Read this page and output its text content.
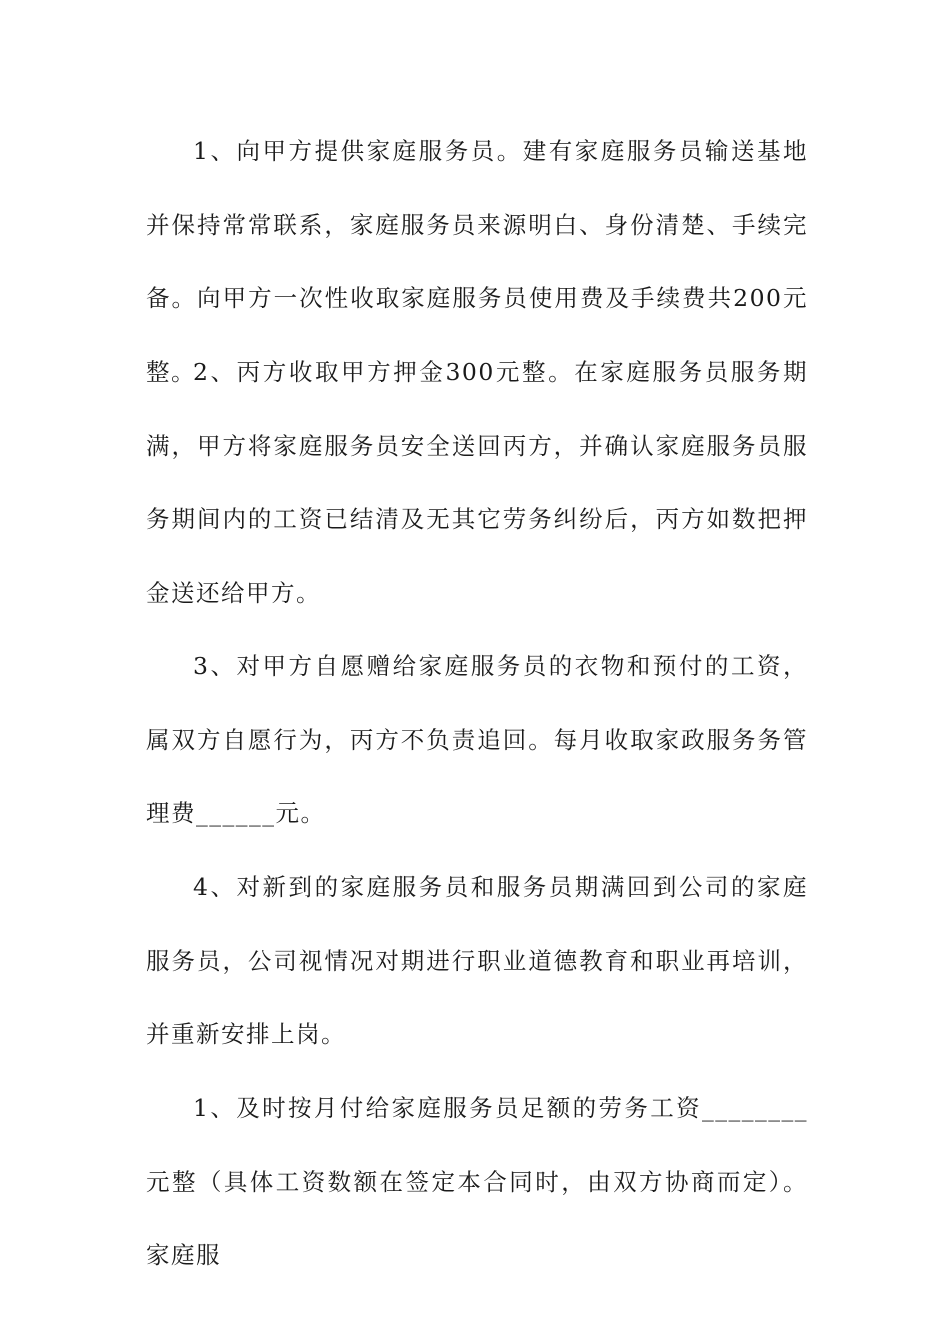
1、向甲方提供家庭服务员。建有家庭服务员输送基地并保持常常联系，家庭服务员来源明白、身份清楚、手续完备。向甲方一次性收取家庭服务员使用费及手续费共200元整。

2、丙方收取甲方押金300元整。在家庭服务员服务期满，甲方将家庭服务员安全送回丙方，并确认家庭服务员服务期间内的工资已结清及无其它劳务纠纷后，丙方如数把押金送还给甲方。

3、对甲方自愿赠给家庭服务员的衣物和预付的工资，属双方自愿行为，丙方不负责追回。每月收取家政服务务管理费______元。

4、对新到的家庭服务员和服务员期满回到公司的家庭服务员，公司视情况对期进行职业道德教育和职业再培训，并重新安排上岗。

1、及时按月付给家庭服务员足额的劳务工资________元整（具体工资数额在签定本合同时，由双方协商而定）。家庭服
